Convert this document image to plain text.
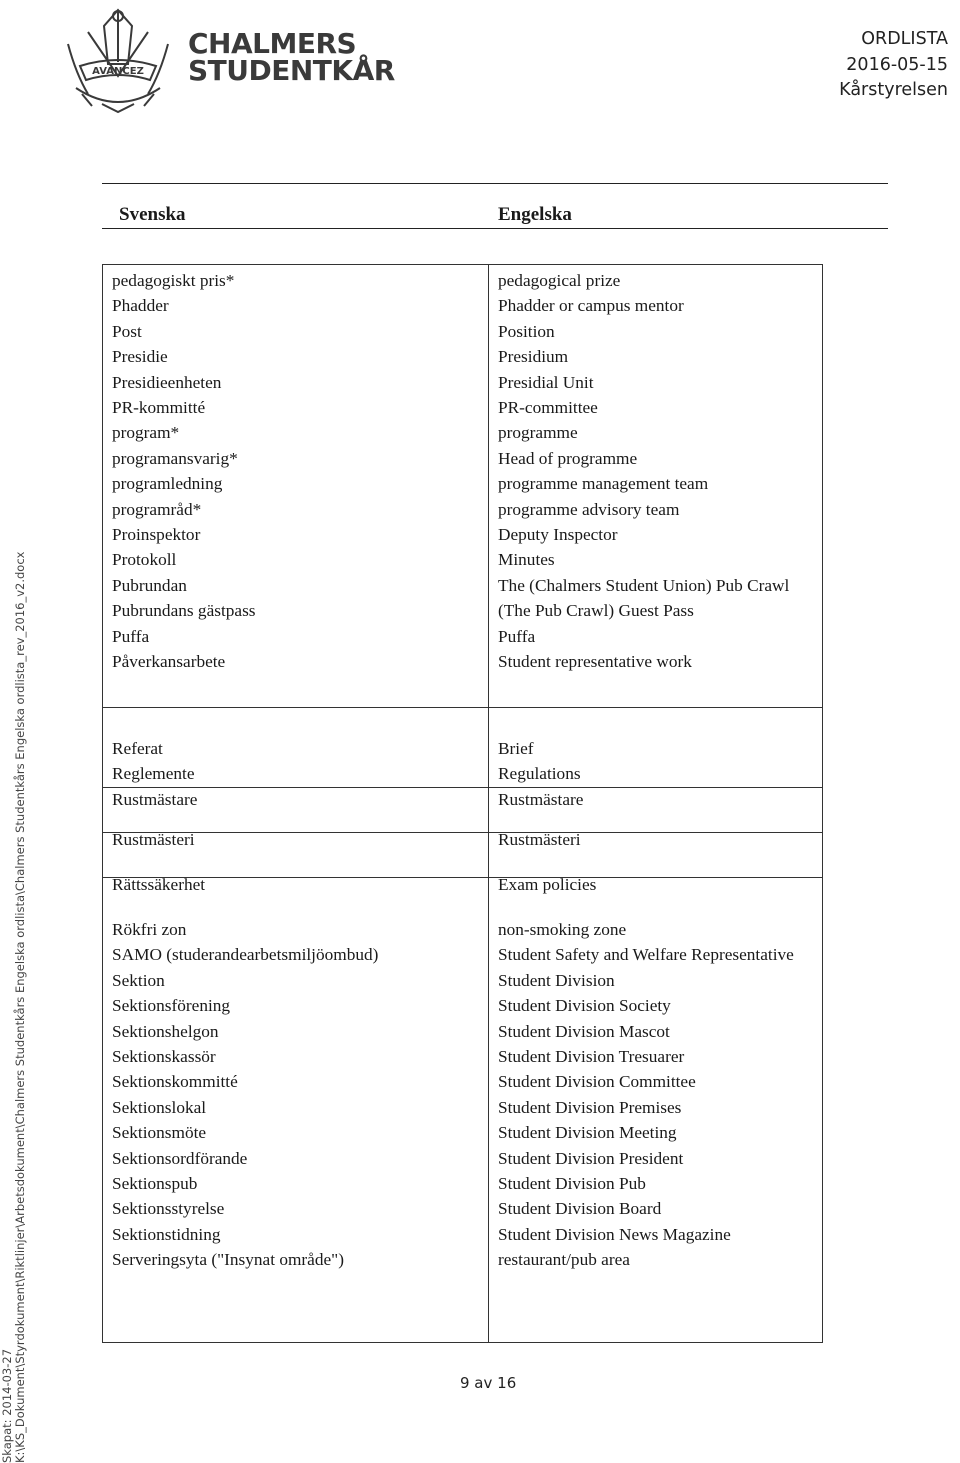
AVANCEZ
CHALMERS
STUDENTKÅR
ORDLISTA
2016-05-15
Kårstyrelsen
Svenska	Engelska
pedagogiskt pris*	pedagogical prize
Phadder	Phadder or campus mentor
Post	Position
Presidie	Presidium
Presidieenheten	Presidial Unit
PR-kommitté	PR-committee
program*	programme
programansvarig*	Head of programme
programledning	programme management team
programråd*	programme advisory team
Proinspektor	Deputy Inspector
Protokoll	Minutes
Pubrundan	The (Chalmers Student Union) Pub Crawl
Pubrundans gästpass	(The Pub Crawl) Guest Pass
Puffa	Puffa
Påverkansarbete	Student representative work
Referat	Brief
Reglemente	Regulations
Rustmästare	Rustmästare
Rustmästeri	Rustmästeri
Rättssäkerhet	Exam policies
Rökfri zon	non-smoking zone
SAMO (studerandearbetsmiljöombud)	Student Safety and Welfare Representative
Sektion	Student Division
Sektionsförening	Student Division Society
Sektionshelgon	Student Division Mascot
Sektionskassör	Student Division Tresuarer
Sektionskommitté	Student Division Committee
Sektionslokal	Student Division Premises
Sektionsmöte	Student Division Meeting
Sektionsordförande	Student Division President
Sektionspub	Student Division Pub
Sektionsstyrelse	Student Division Board
Sektionstidning	Student Division News Magazine
Serveringsyta ("Insynat område")	restaurant/pub area
Skapat: 2014-03-27 K:\KS_Dokument\Styrdokument\Riktlinjer\Arbetsdokument\Chalmers Studentkårs Engelska ordlista\Chalmers Studentkårs Engelska ordlista_rev_2016_v2.docx	9 av 16
